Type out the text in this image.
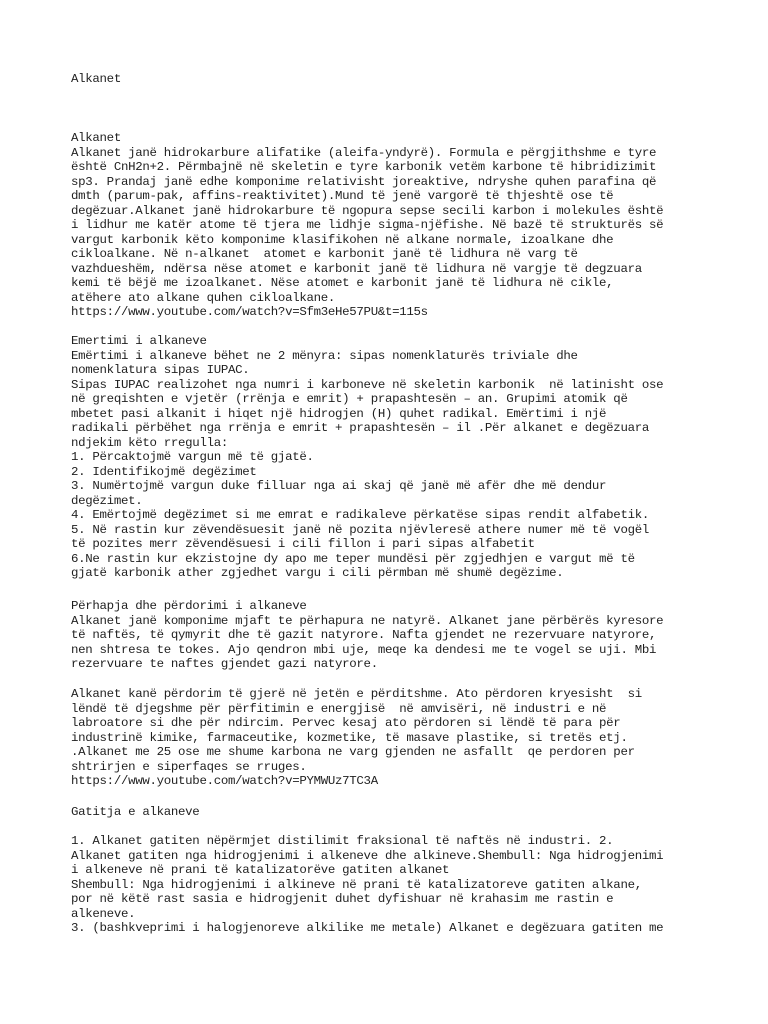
Alkanet

Alkanet

Alkanet janë hidrokarbure alifatike (aleifa-yndyrë). Formula e përgjithshme e tyre

është CnH2n+2. Përmbajnë në skeletin e tyre karbonik vetëm karbone të hibridizimit

sp3. Prandaj janë edhe komponime relativisht joreaktive, ndryshe quhen parafina që

dmth (parum-pak, affins-reaktivitet).Mund të jenë vargorë të thjeshtë ose të

degëzuar.Alkanet janë hidrokarbure të ngopura sepse secili karbon i molekules është

i lidhur me katër atome të tjera me lidhje sigma-njëfishe. Në bazë të strukturës së

vargut karbonik këto komponime klasifikohen në alkane normale, izoalkane dhe

cikloalkane. Në n-alkanet  atomet e karbonit janë të lidhura në varg të

vazhdueshëm, ndërsa nëse atomet e karbonit janë të lidhura në vargje të degzuara

kemi të bëjë me izoalkanet. Nëse atomet e karbonit janë të lidhura në cikle,

atëhere ato alkane quhen cikloalkane.

https://www.youtube.com/watch?v=Sfm3eHe57PU&t=115s

Emertimi i alkaneve

Emërtimi i alkaneve bëhet ne 2 mënyra: sipas nomenklaturës triviale dhe

nomenklatura sipas IUPAC.

Sipas IUPAC realizohet nga numri i karboneve në skeletin karbonik  në latinisht ose

në greqishten e vjetër (rrënja e emrit) + prapashtesën – an. Grupimi atomik që

mbetet pasi alkanit i hiqet një hidrogjen (H) quhet radikal. Emërtimi i një

radikali përbëhet nga rrënja e emrit + prapashtesën – il .Për alkanet e degëzuara

ndjekim këto rregulla:

1. Përcaktojmë vargun më të gjatë.

2. Identifikojmë degëzimet

3. Numërtojmë vargun duke filluar nga ai skaj që janë më afër dhe më dendur

degëzimet.

4. Emërtojmë degëzimet si me emrat e radikaleve përkatëse sipas rendit alfabetik.

5. Në rastin kur zëvendësuesit janë në pozita njëvleresë athere numer më të vogël

të pozites merr zëvendësuesi i cili fillon i pari sipas alfabetit

6.Ne rastin kur ekzistojne dy apo me teper mundësi për zgjedhjen e vargut më të

gjatë karbonik ather zgjedhet vargu i cili përmban më shumë degëzime.

Përhapja dhe përdorimi i alkaneve

Alkanet janë komponime mjaft te përhapura ne natyrë. Alkanet jane përbërës kyresore

të naftës, të qymyrit dhe të gazit natyrore. Nafta gjendet ne rezervuare natyrore,

nen shtresa te tokes. Ajo qendron mbi uje, meqe ka dendesi me te vogel se uji. Mbi

rezervuare te naftes gjendet gazi natyrore.

Alkanet kanë përdorim të gjerë në jetën e përditshme. Ato përdoren kryesisht  si

lëndë të djegshme për përfitimin e energjisë  në amvisëri, në industri e në

labroatore si dhe për ndircim. Pervec kesaj ato përdoren si lëndë të para për

industrinë kimike, farmaceutike, kozmetike, të masave plastike, si tretës etj.

.Alkanet me 25 ose me shume karbona ne varg gjenden ne asfallt  qe perdoren per

shtrirjen e siperfaqes se rruges.

https://www.youtube.com/watch?v=PYMWUz7TC3A

Gatitja e alkaneve

1. Alkanet gatiten nëpërmjet distilimit fraksional të naftës në industri. 2.

Alkanet gatiten nga hidrogjenimi i alkeneve dhe alkineve.Shembull: Nga hidrogjenimi

i alkeneve në prani të katalizatorëve gatiten alkanet

Shembull: Nga hidrogjenimi i alkineve në prani të katalizatoreve gatiten alkane,

por në këtë rast sasia e hidrogjenit duhet dyfishuar në krahasim me rastin e

alkeneve.

3. (bashkveprimi i halogjenoreve alkilike me metale) Alkanet e degëzuara gatiten me
